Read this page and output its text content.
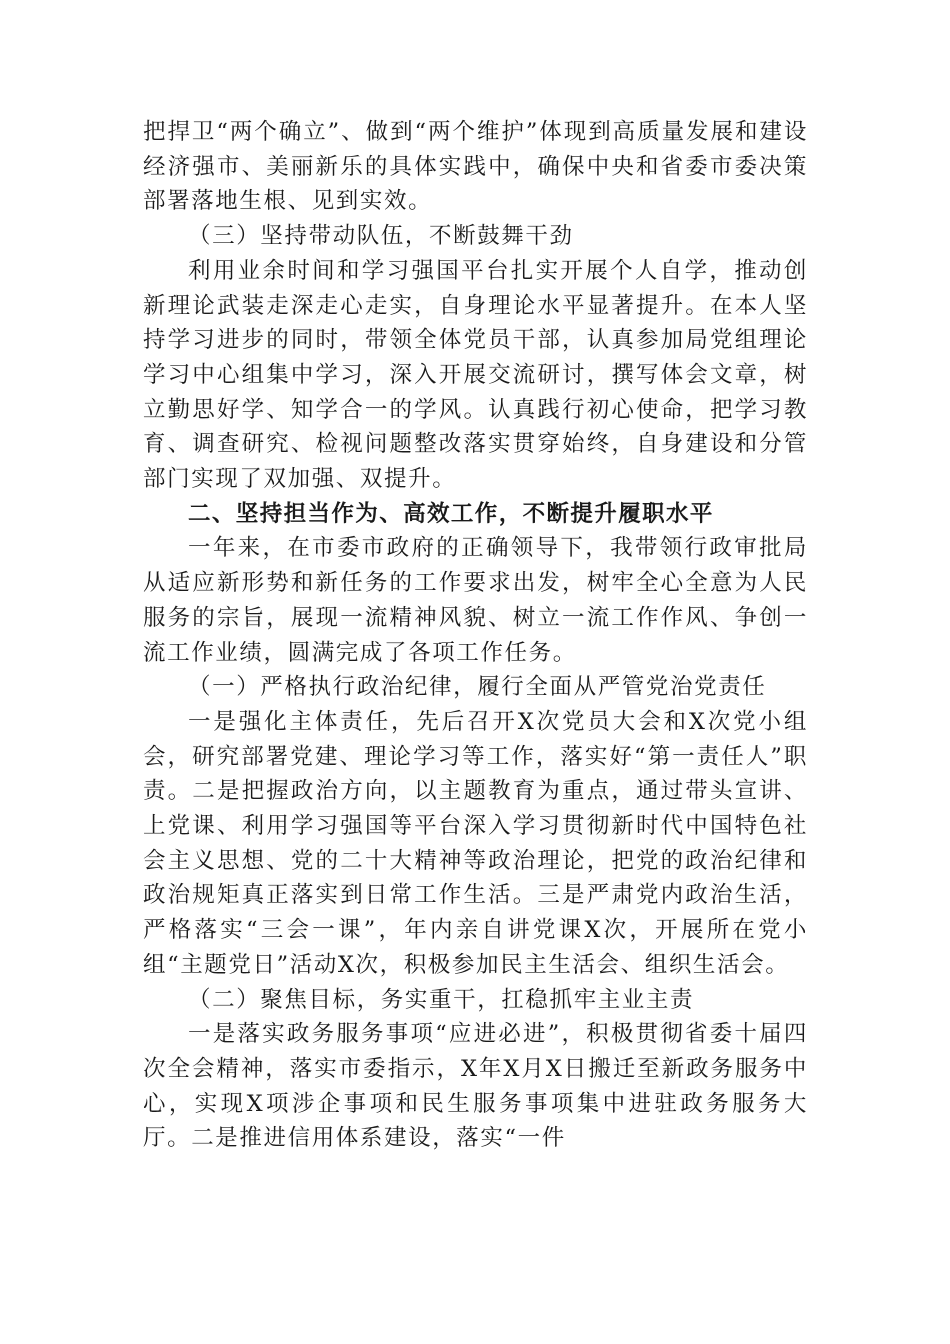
把捍卫“两个确立”、做到“两个维护”体现到高质量发展和建设经济强市、美丽新乐的具体实践中，确保中央和省委市委决策部署落地生根、见到实效。

（三）坚持带动队伍，不断鼓舞干劲

利用业余时间和学习强国平台扎实开展个人自学，推动创新理论武装走深走心走实，自身理论水平显著提升。在本人坚持学习进步的同时，带领全体党员干部，认真参加局党组理论学习中心组集中学习，深入开展交流研讨，撰写体会文章，树立勤思好学、知学合一的学风。认真践行初心使命，把学习教育、调查研究、检视问题整改落实贯穿始终，自身建设和分管部门实现了双加强、双提升。

二、坚持担当作为、高效工作，不断提升履职水平

一年来，在市委市政府的正确领导下，我带领行政审批局从适应新形势和新任务的工作要求出发，树牢全心全意为人民服务的宗旨，展现一流精神风貌、树立一流工作作风、争创一流工作业绩，圆满完成了各项工作任务。

（一）严格执行政治纪律，履行全面从严管党治党责任

一是强化主体责任，先后召开X次党员大会和X次党小组会，研究部署党建、理论学习等工作，落实好“第一责任人”职责。二是把握政治方向，以主题教育为重点，通过带头宣讲、上党课、利用学习强国等平台深入学习贯彻新时代中国特色社会主义思想、党的二十大精神等政治理论，把党的政治纪律和政治规矩真正落实到日常工作生活。三是严肃党内政治生活，严格落实“三会一课”，年内亲自讲党课X次，开展所在党小组“主题党日”活动X次，积极参加民主生活会、组织生活会。

（二）聚焦目标，务实重干，扛稳抓牢主业主责

一是落实政务服务事项“应进必进”，积极贯彻省委十届四次全会精神，落实市委指示，X年X月X日搬迁至新政务服务中心，实现X项涉企事项和民生服务事项集中进驻政务服务大厅。二是推进信用体系建设，落实“一件
